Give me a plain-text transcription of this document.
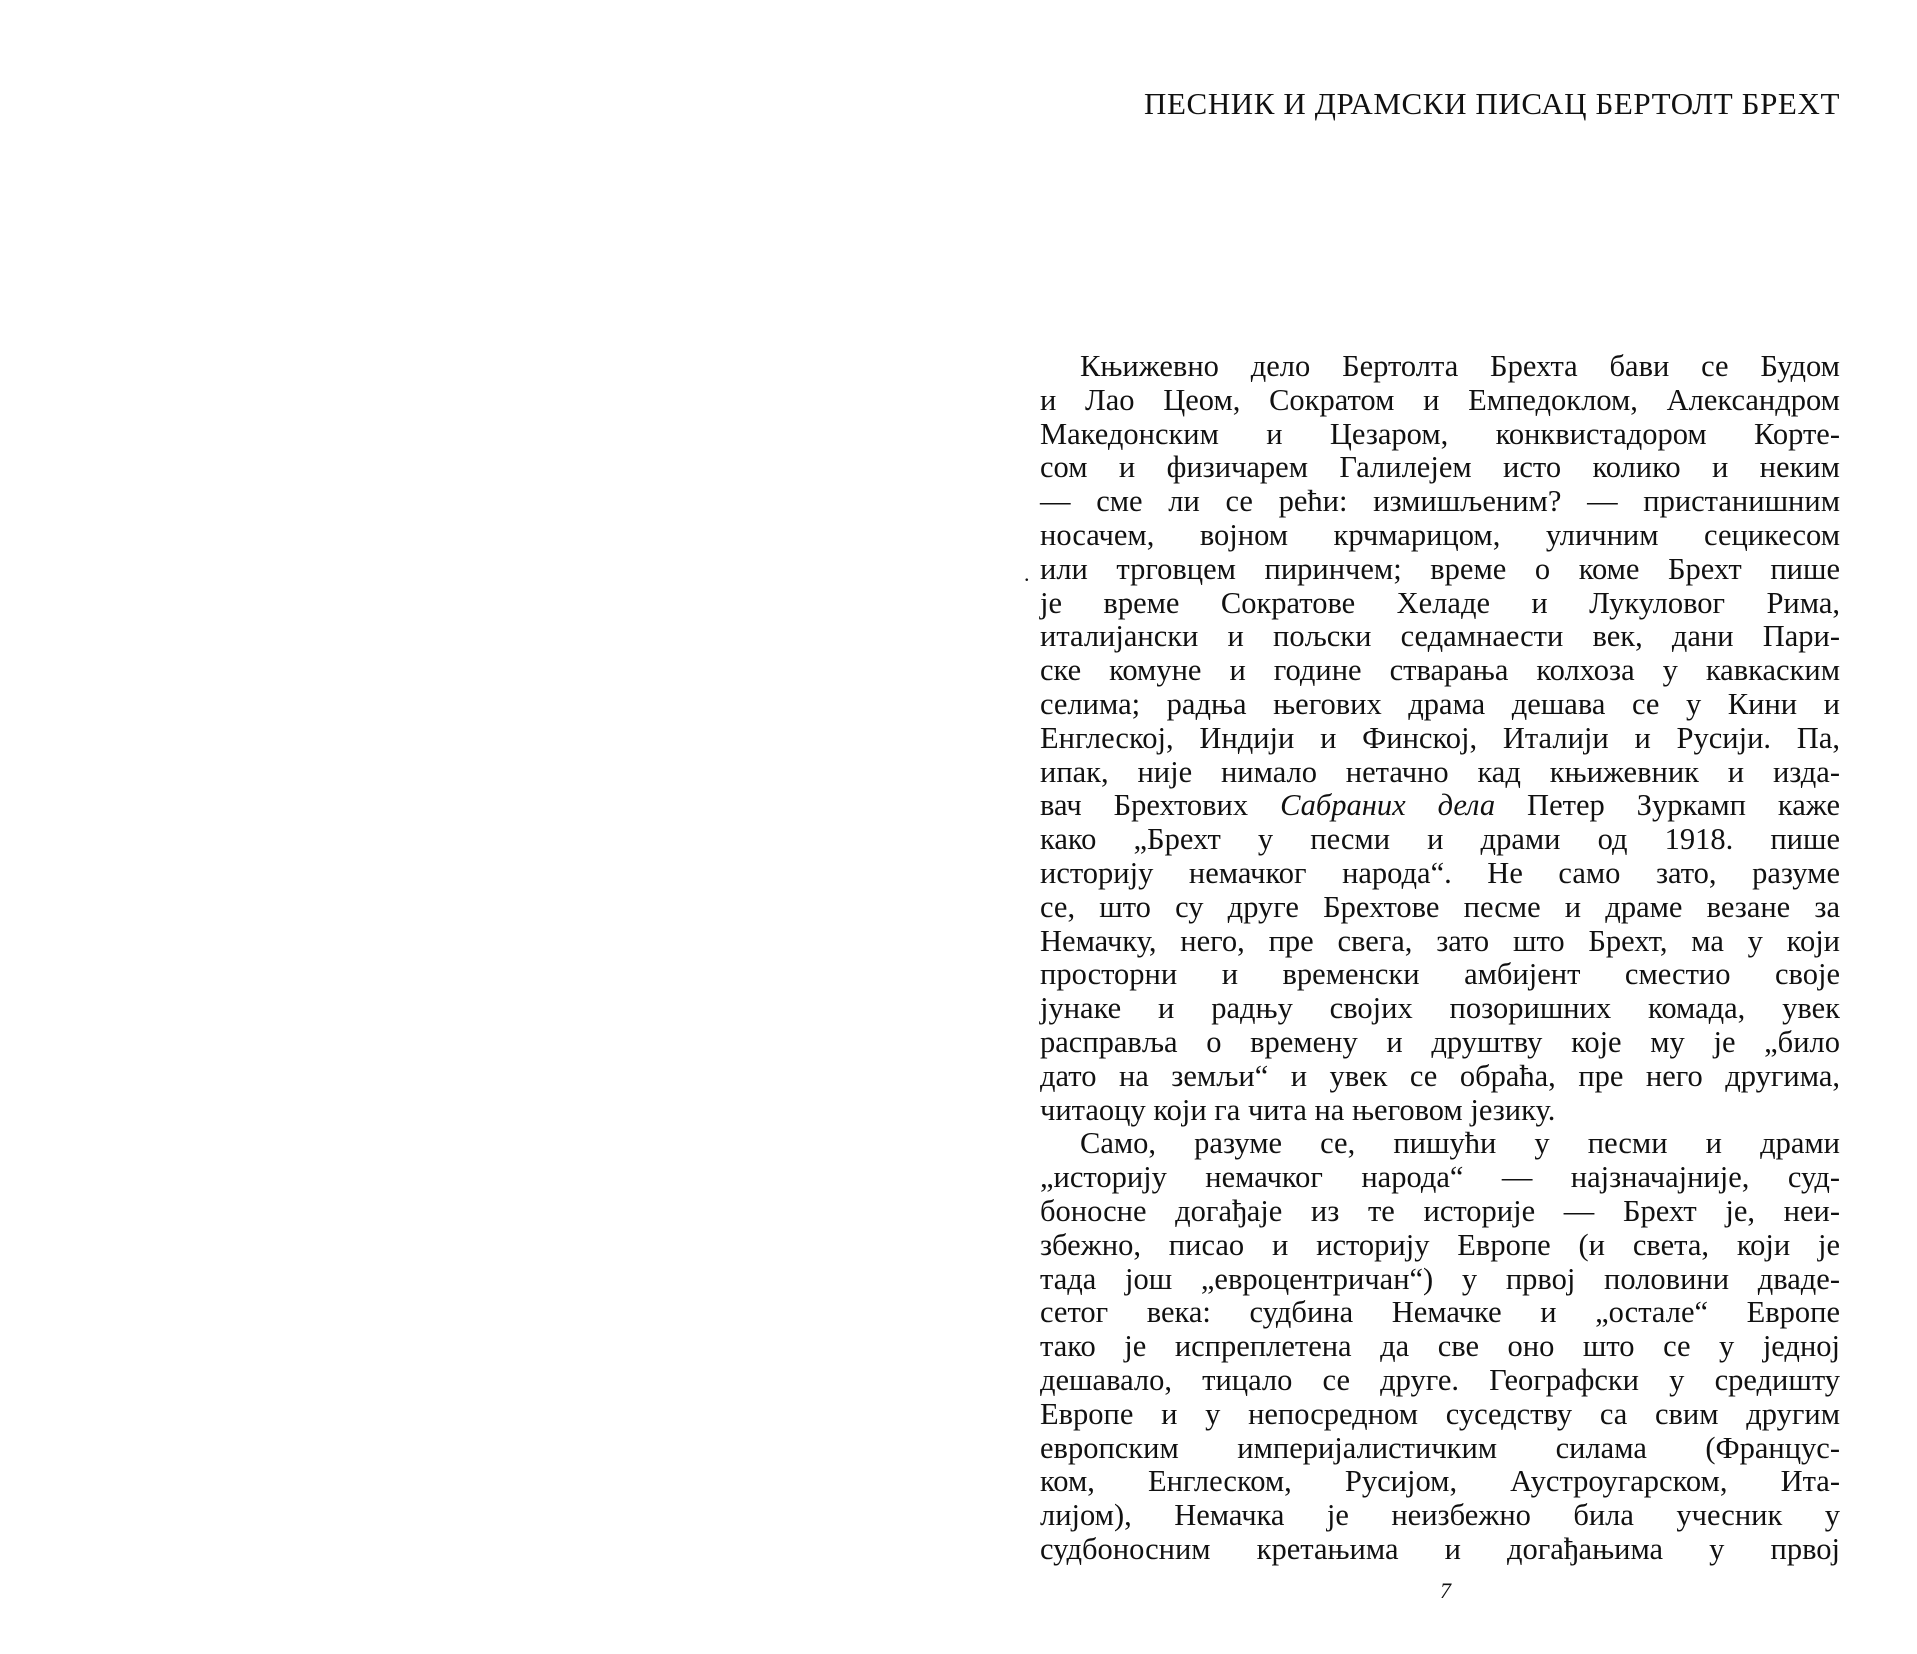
.
ПЕСНИК И ДРАМСКИ ПИСАЦ БЕРТОЛТ БРЕХТ
Књижевно дело Бертолта Брехта бави се Будом
и Лао Цеом, Сократом и Емпедоклом, Александром
Македонским и Цезаром, конквистадором Корте-
сом и физичарем Галилејем исто колико и неким
— сме ли се рећи: измишљеним? — пристанишним
носачем, војном крчмарицом, уличним сецикесом
или трговцем пиринчем; време о коме Брехт пише
је време Сократове Хеладе и Лукуловог Рима,
италијански и пољски седамнаести век, дани Пари-
ске комуне и године стварања колхоза у кавкаским
селима; радња његових драма дешава се у Кини и
Енглеској, Индији и Финској, Италији и Русији. Па,
ипак, није нимало нетачно кад књижевник и изда-
вач Брехтових Сабраних дела Петер Зуркамп каже
како „Брехт у песми и драми од 1918. пише
историју немачког народа“. Не само зато, разуме
се, што су друге Брехтове песме и драме везане за
Немачку, него, пре свега, зато што Брехт, ма у који
просторни и временски амбијент сместио своје
јунаке и радњу својих позоришних комада, увек
расправља о времену и друштву које му је „било
дато на земљи“ и увек се обраћа, пре него другима,
читаоцу који га чита на његовом језику.
Само, разуме се, пишући у песми и драми
„историју немачког народа“ — најзначајније, суд-
боносне догађаје из те историје — Брехт је, неи-
збежно, писао и историју Европе (и света, који је
тада још „евроцентричан“) у првој половини дваде-
сетог века: судбина Немачке и „остале“ Европе
тако је испреплетена да све оно што се у једној
дешавало, тицало се друге. Географски у средишту
Европе и у непосредном суседству са свим другим
европским империјалистичким силама (Францус-
ком, Енглеском, Русијом, Аустроугарском, Ита-
лијом), Немачка је неизбежно била учесник у
судбоносним кретањима и догађањима у првој
7
